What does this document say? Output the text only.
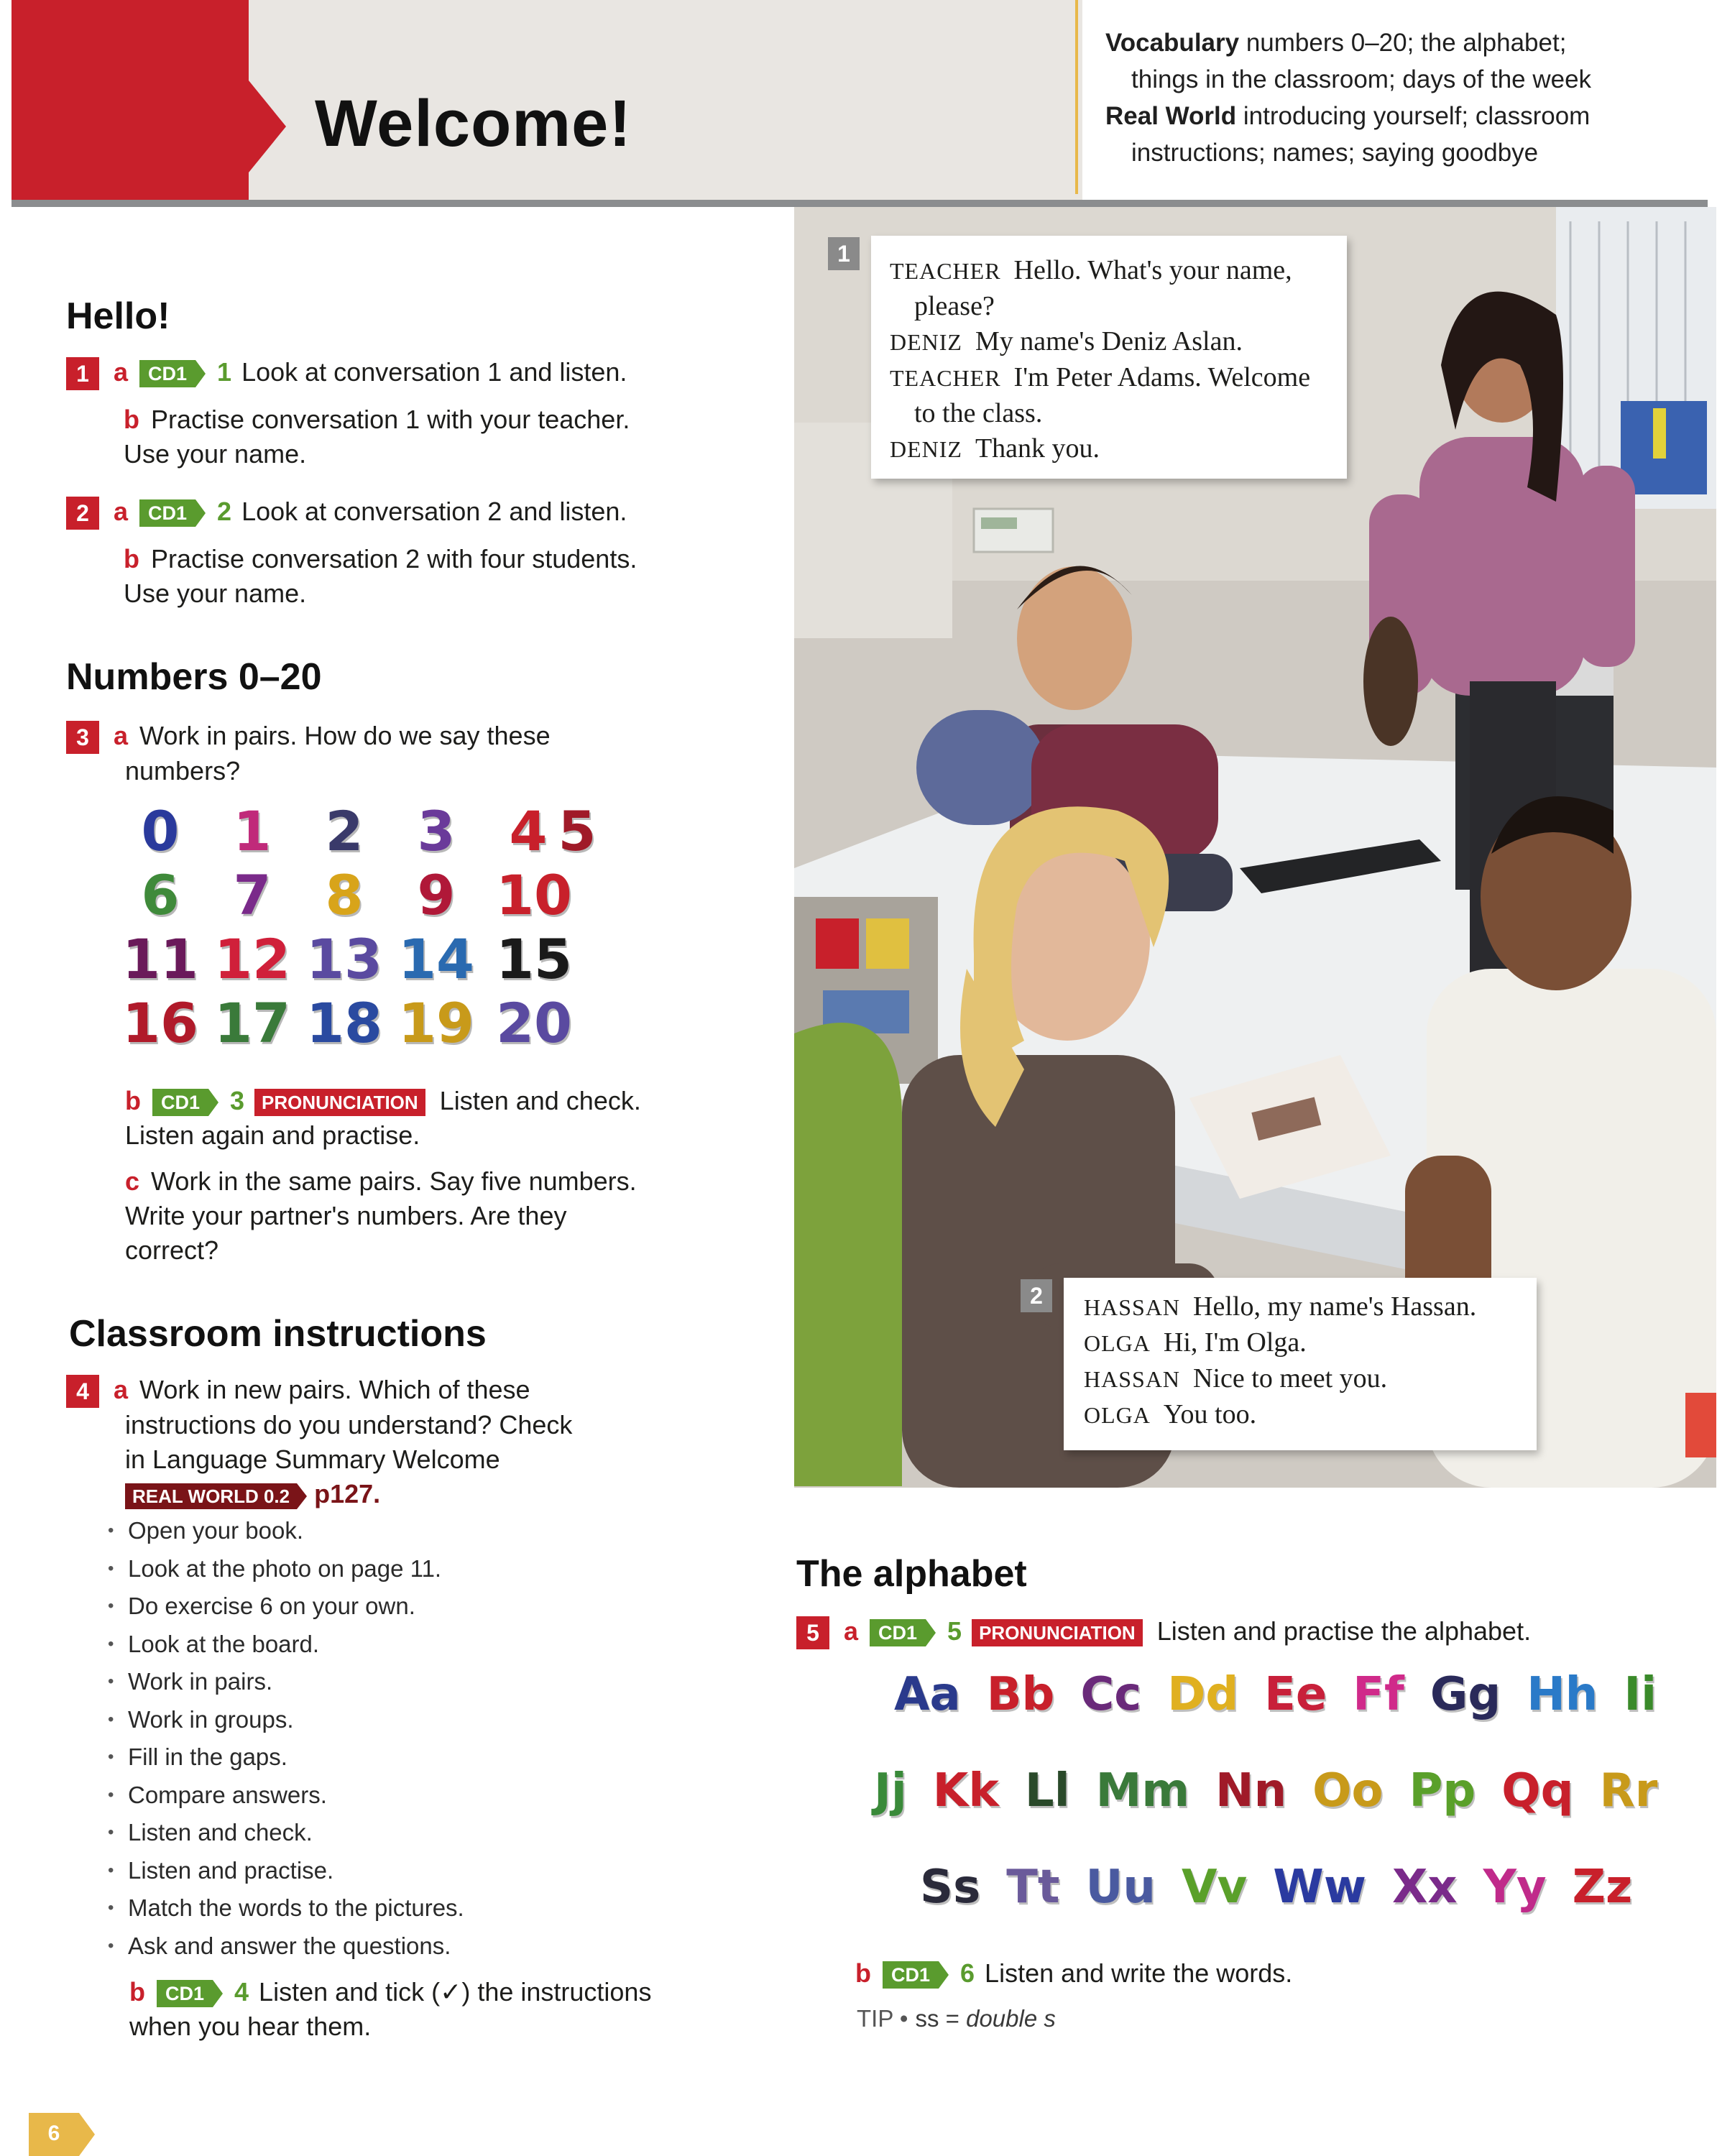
Welcome!
Vocabulary numbers 0–20; the alphabet;
things in the classroom; days of the week
Real World introducing yourself; classroom
instructions; names; saying goodbye
Hello!
1 a CD1 1 Look at conversation 1 and listen.
b Practise conversation 1 with your teacher.
Use your name.
2 a CD1 2 Look at conversation 2 and listen.
b Practise conversation 2 with four students.
Use your name.
Numbers 0–20
3 a Work in pairs. How do we say these
numbers?
0 1 2 3 4 5
6 7 8 9 10
11 12 13 14 15
16 17 18 19 20
b CD1 3 PRONUNCIATION Listen and check.
Listen again and practise.
c Work in the same pairs. Say five numbers.
Write your partner's numbers. Are they
correct?
Classroom instructions
4 a Work in new pairs. Which of these
instructions do you understand? Check
in Language Summary Welcome
REAL WORLD 0.2 p127.
• Open your book.
• Look at the photo on page 11.
• Do exercise 6 on your own.
• Look at the board.
• Work in pairs.
• Work in groups.
• Fill in the gaps.
• Compare answers.
• Listen and check.
• Listen and practise.
• Match the words to the pictures.
• Ask and answer the questions.
b CD1 4 Listen and tick (✓) the instructions
when you hear them.
6
1
TEACHER Hello. What's your name,
please?
DENIZ My name's Deniz Aslan.
TEACHER I'm Peter Adams. Welcome
to the class.
DENIZ Thank you.
2	HASSAN Hello, my name's Hassan.
OLGA Hi, I'm Olga.
HASSAN Nice to meet you.
OLGA You too.
The alphabet
5 a CD1 5 PRONUNCIATION Listen and practise the alphabet.
Aa Bb Cc Dd Ee Ff Gg Hh Ii
Jj Kk Ll Mm Nn Oo Pp Qq Rr
Ss Tt Uu Vv Ww Xx Yy Zz
b CD1 6 Listen and write the words.
TIP • ss = double s
